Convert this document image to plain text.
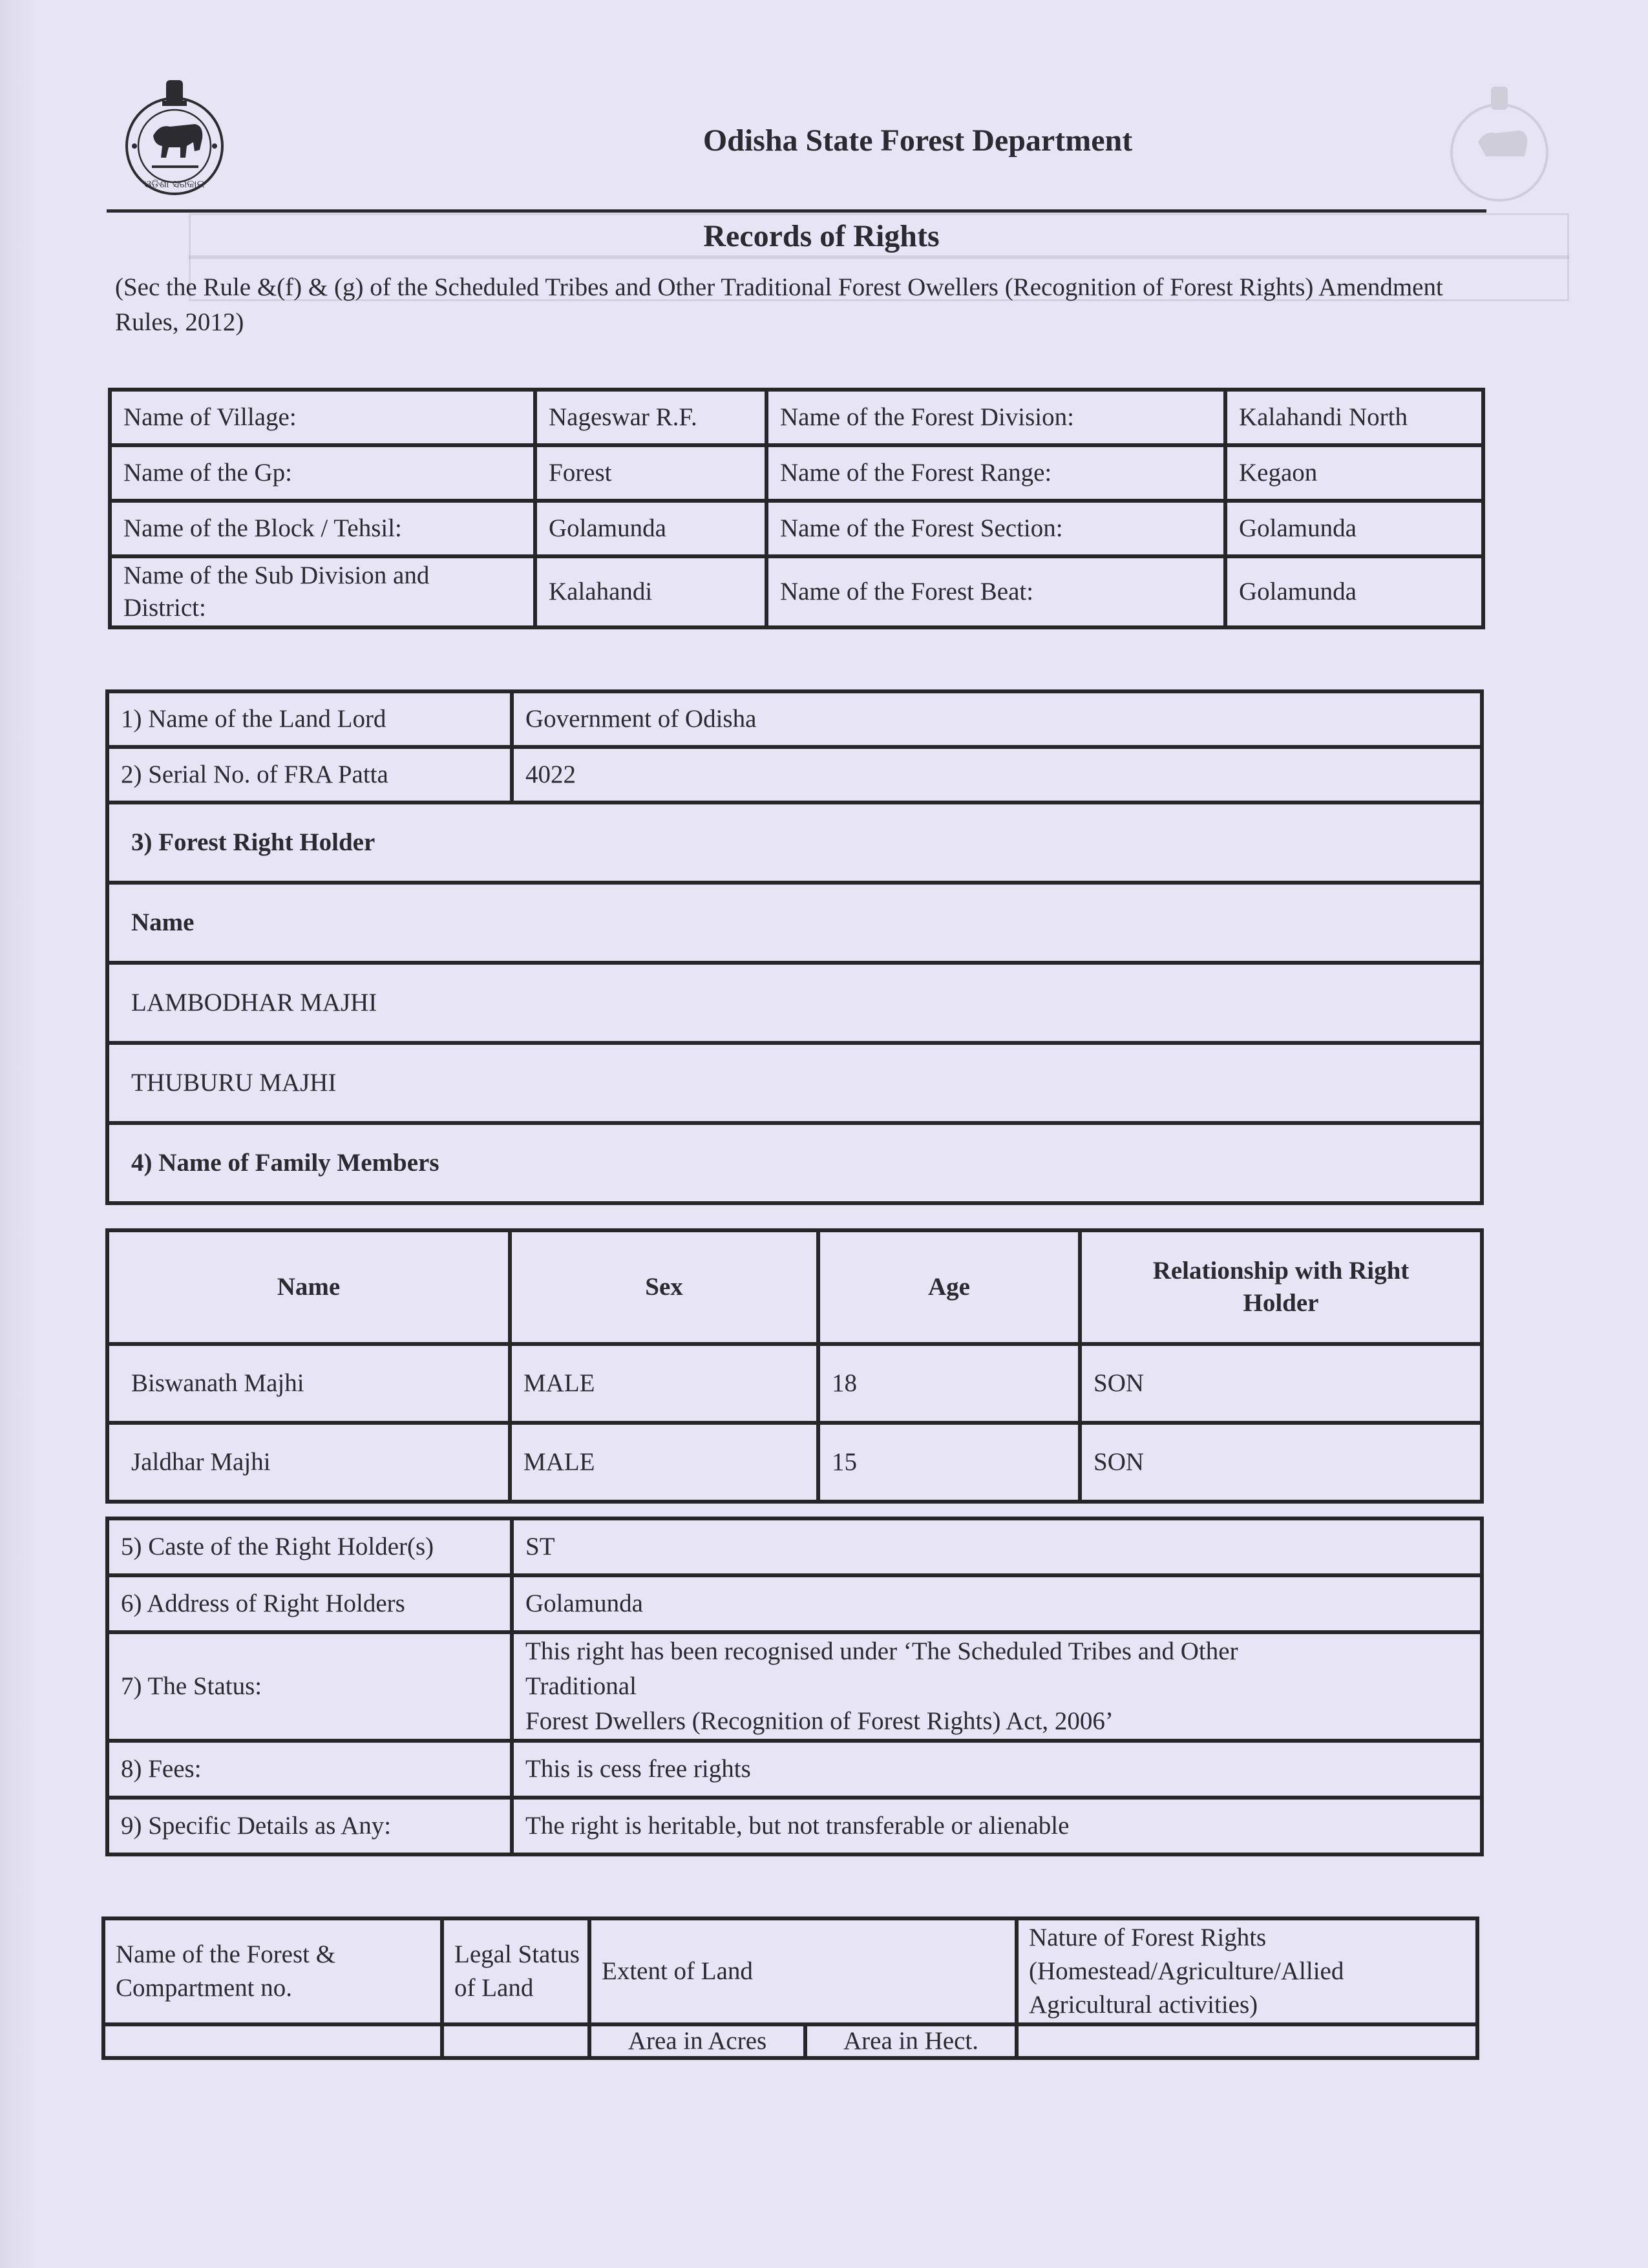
ଓଡ଼ିଶା ସରକାର
Odisha State Forest Department
Records of Rights
(Sec the Rule &(f) & (g) of the Scheduled Tribes and Other Traditional Forest Owellers (Recognition of Forest Rights) Amendment Rules, 2012)
Name of Village:	Nageswar R.F.	Name of the Forest Division:	Kalahandi North
Name of the Gp:	Forest	Name of the Forest Range:	Kegaon
Name of the Block / Tehsil:	Golamunda	Name of the Forest Section:	Golamunda
Name of the Sub Division and District:	Kalahandi	Name of the Forest Beat:	Golamunda
1) Name of the Land Lord	Government of Odisha
2) Serial No. of FRA Patta	4022
3) Forest Right Holder	
Name	
LAMBODHAR MAJHI	
THUBURU MAJHI	
4) Name of Family Members	
Name	Sex	Age	Relationship with Right Holder
Biswanath Majhi	MALE	18	SON
Jaldhar Majhi	MALE	15	SON
5) Caste of the Right Holder(s)	ST
6) Address of Right Holders	Golamunda
7) The Status:	This right has been recognised under ‘The Scheduled Tribes and Other
Traditional
Forest Dwellers (Recognition of Forest Rights) Act, 2006’

8) Fees:	This is cess free rights
9) Specific Details as Any:	The right is heritable, but not transferable or alienable
Name of the Forest & Compartment no.	Legal Status of Land	Extent of Land		Nature of Forest Rights (Homestead/Agriculture/Allied Agricultural activities)
		Area in Acres	Area in Hect.	
